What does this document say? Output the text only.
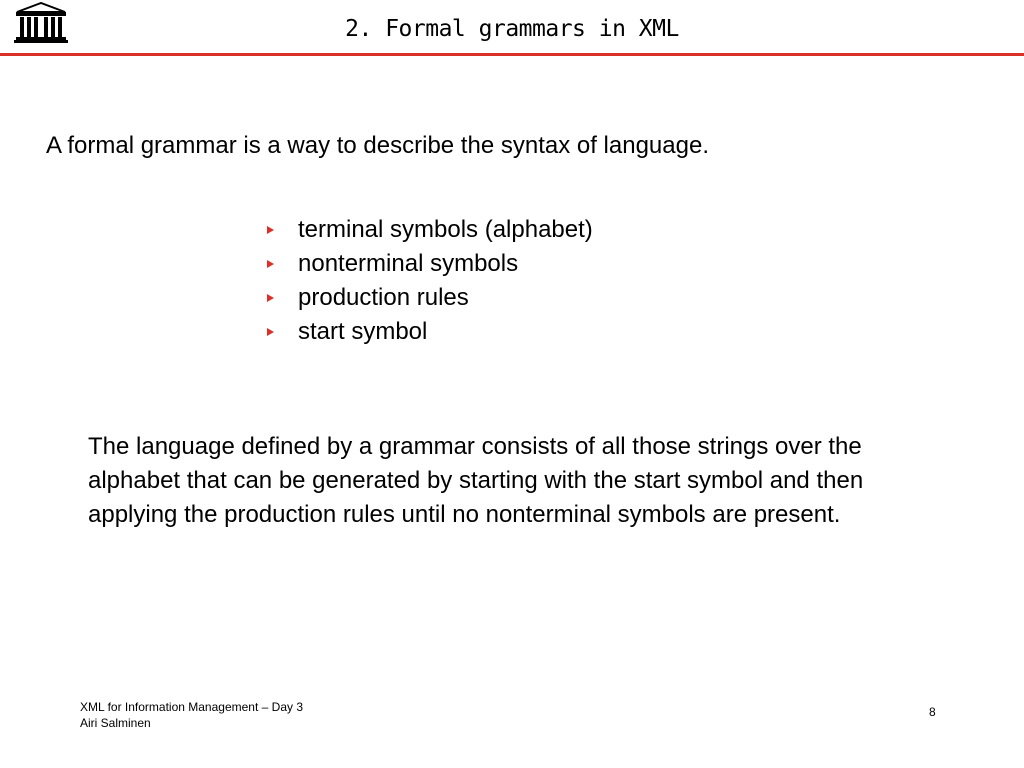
2. Formal grammars in XML
A formal grammar is a way to describe the syntax of language.
terminal symbols (alphabet)
nonterminal symbols
production rules
start symbol

The language defined by a grammar consists of all those strings over the alphabet that can be generated by starting with the start symbol and then applying the production rules until no nonterminal symbols are present.

XML for Information Management – Day 3
Airi Salminen
8
